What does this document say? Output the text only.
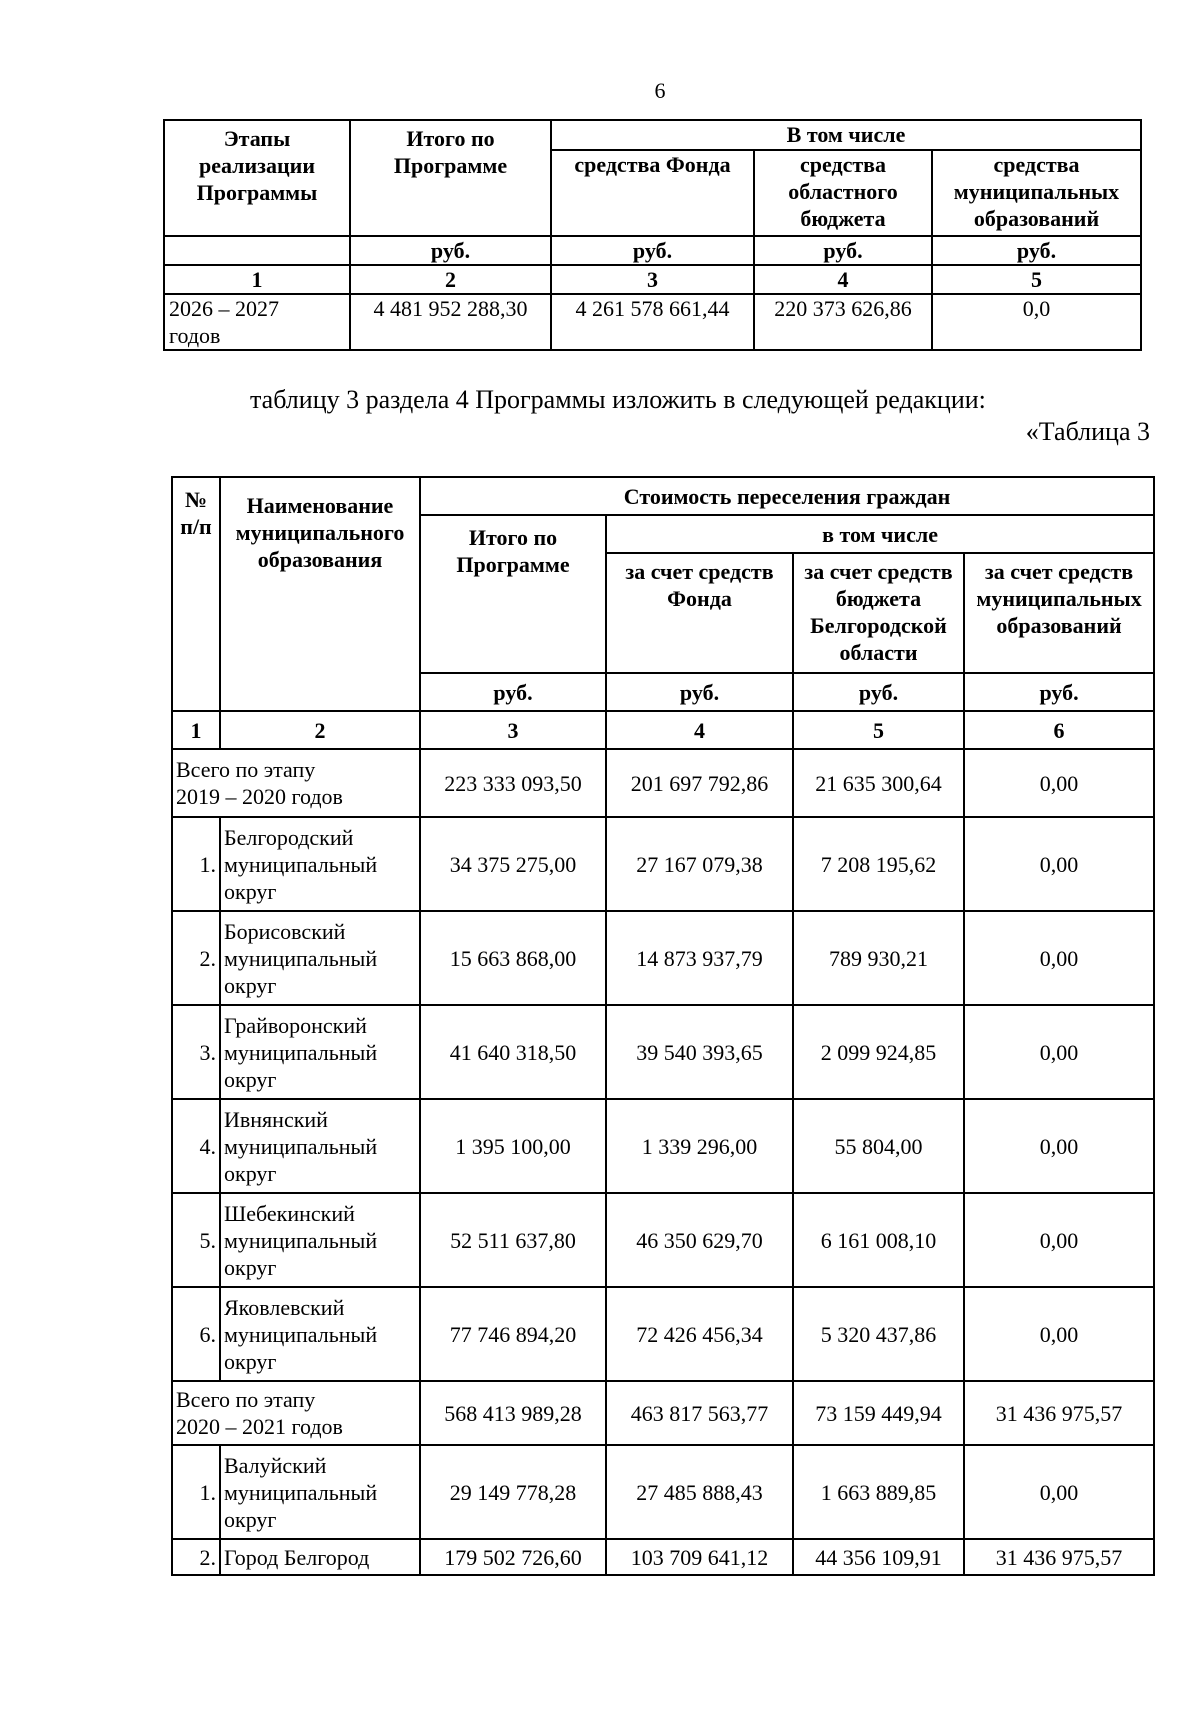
6
Этапы реализации Программы	Итого по Программе	В том числе		
		средства Фонда	средства областного бюджета	средства муниципальных образований
	руб.	руб.	руб.	руб.
1	2	3	4	5
2026 – 2027 годов	4 481 952 288,30	4 261 578 661,44	220 373 626,86	0,0
таблицу 3 раздела 4 Программы изложить в следующей редакции:
«Таблица 3
№ п/п	Наименование муниципального образования	Стоимость переселения граждан			
		Итого по Программе	в том числе		
			за счет средств Фонда	за счет средств бюджета Белгородской области	за счет средств муниципальных образований
		руб.	руб.	руб.	руб.
1	2	3	4	5	6
Всего по этапу 2019 – 2020 годов		223 333 093,50	201 697 792,86	21 635 300,64	0,00
1.	Белгородский муниципальный округ	34 375 275,00	27 167 079,38	7 208 195,62	0,00
2.	Борисовский муниципальный округ	15 663 868,00	14 873 937,79	789 930,21	0,00
3.	Грайворонский муниципальный округ	41 640 318,50	39 540 393,65	2 099 924,85	0,00
4.	Ивнянский муниципальный округ	1 395 100,00	1 339 296,00	55 804,00	0,00
5.	Шебекинский муниципальный округ	52 511 637,80	46 350 629,70	6 161 008,10	0,00
6.	Яковлевский муниципальный округ	77 746 894,20	72 426 456,34	5 320 437,86	0,00
Всего по этапу 2020 – 2021 годов		568 413 989,28	463 817 563,77	73 159 449,94	31 436 975,57
1.	Валуйский муниципальный округ	29 149 778,28	27 485 888,43	1 663 889,85	0,00
2.	Город Белгород	179 502 726,60	103 709 641,12	44 356 109,91	31 436 975,57
